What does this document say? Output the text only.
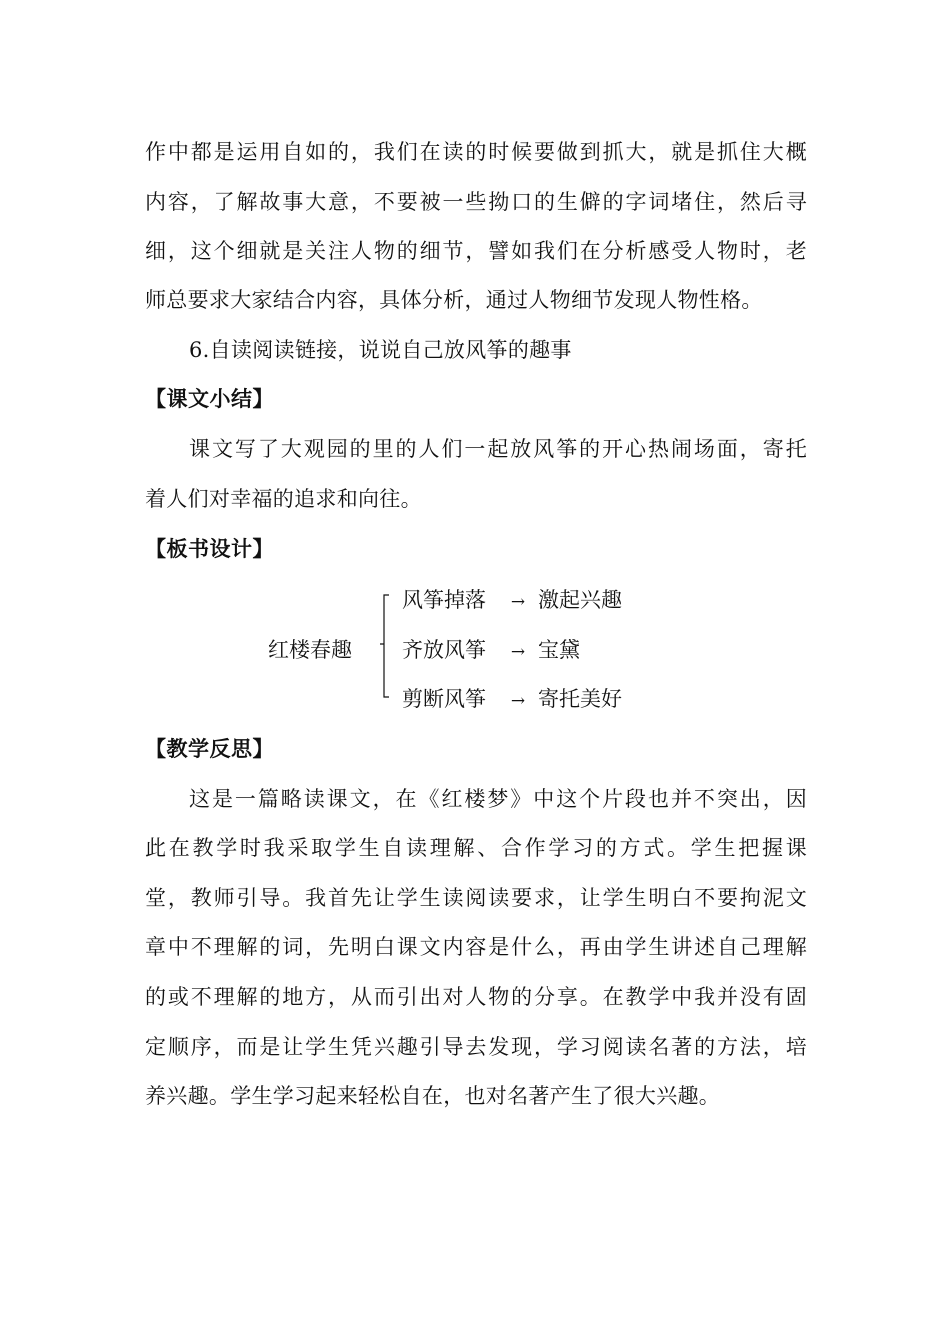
作中都是运用自如的，我们在读的时候要做到抓大，就是抓住大概
内容，了解故事大意，不要被一些拗口的生僻的字词堵住，然后寻
细，这个细就是关注人物的细节，譬如我们在分析感受人物时，老
师总要求大家结合内容，具体分析，通过人物细节发现人物性格。
6.自读阅读链接，说说自己放风筝的趣事
【课文小结】
课文写了大观园的里的人们一起放风筝的开心热闹场面，寄托
着人们对幸福的追求和向往。
【板书设计】
红楼春趣
风筝掉落 → 激起兴趣
齐放风筝 → 宝黛
剪断风筝 → 寄托美好
【教学反思】
这是一篇略读课文，在《红楼梦》中这个片段也并不突出，因
此在教学时我采取学生自读理解、合作学习的方式。学生把握课
堂，教师引导。我首先让学生读阅读要求，让学生明白不要拘泥文
章中不理解的词，先明白课文内容是什么，再由学生讲述自己理解
的或不理解的地方，从而引出对人物的分享。在教学中我并没有固
定顺序，而是让学生凭兴趣引导去发现，学习阅读名著的方法，培
养兴趣。学生学习起来轻松自在，也对名著产生了很大兴趣。
